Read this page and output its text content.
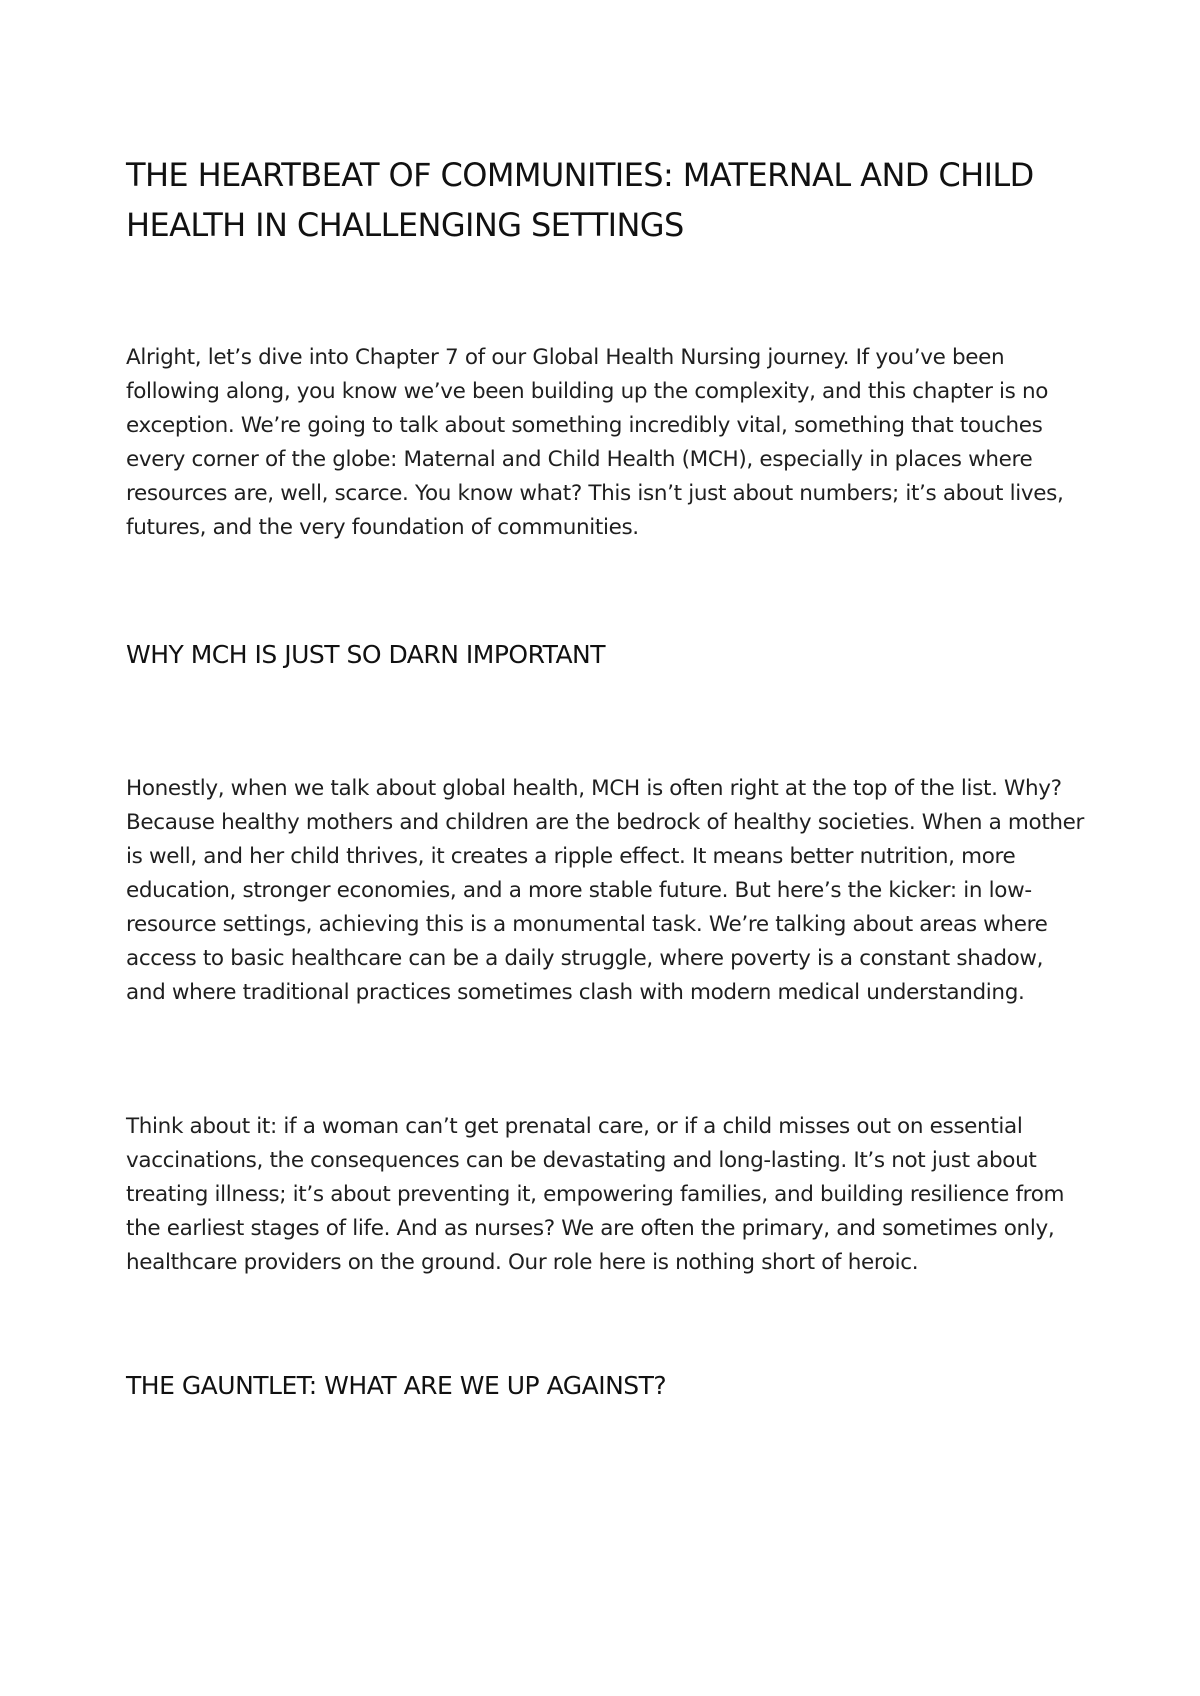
THE HEARTBEAT OF COMMUNITIES: MATERNAL AND CHILD HEALTH IN CHALLENGING SETTINGS

Alright, let’s dive into Chapter 7 of our Global Health Nursing journey. If you’ve been following along, you know we’ve been building up the complexity, and this chapter is no exception. We’re going to talk about something incredibly vital, something that touches every corner of the globe: Maternal and Child Health (MCH), especially in places where resources are, well, scarce. You know what? This isn’t just about numbers; it’s about lives, futures, and the very foundation of communities.

WHY MCH IS JUST SO DARN IMPORTANT

Honestly, when we talk about global health, MCH is often right at the top of the list. Why? Because healthy mothers and children are the bedrock of healthy societies. When a mother is well, and her child thrives, it creates a ripple effect. It means better nutrition, more education, stronger economies, and a more stable future. But here’s the kicker: in low-resource settings, achieving this is a monumental task. We’re talking about areas where access to basic healthcare can be a daily struggle, where poverty is a constant shadow, and where traditional practices sometimes clash with modern medical understanding.

Think about it: if a woman can’t get prenatal care, or if a child misses out on essential vaccinations, the consequences can be devastating and long-lasting. It’s not just about treating illness; it’s about preventing it, empowering families, and building resilience from the earliest stages of life. And as nurses? We are often the primary, and sometimes only, healthcare providers on the ground. Our role here is nothing short of heroic.

THE GAUNTLET: WHAT ARE WE UP AGAINST?
